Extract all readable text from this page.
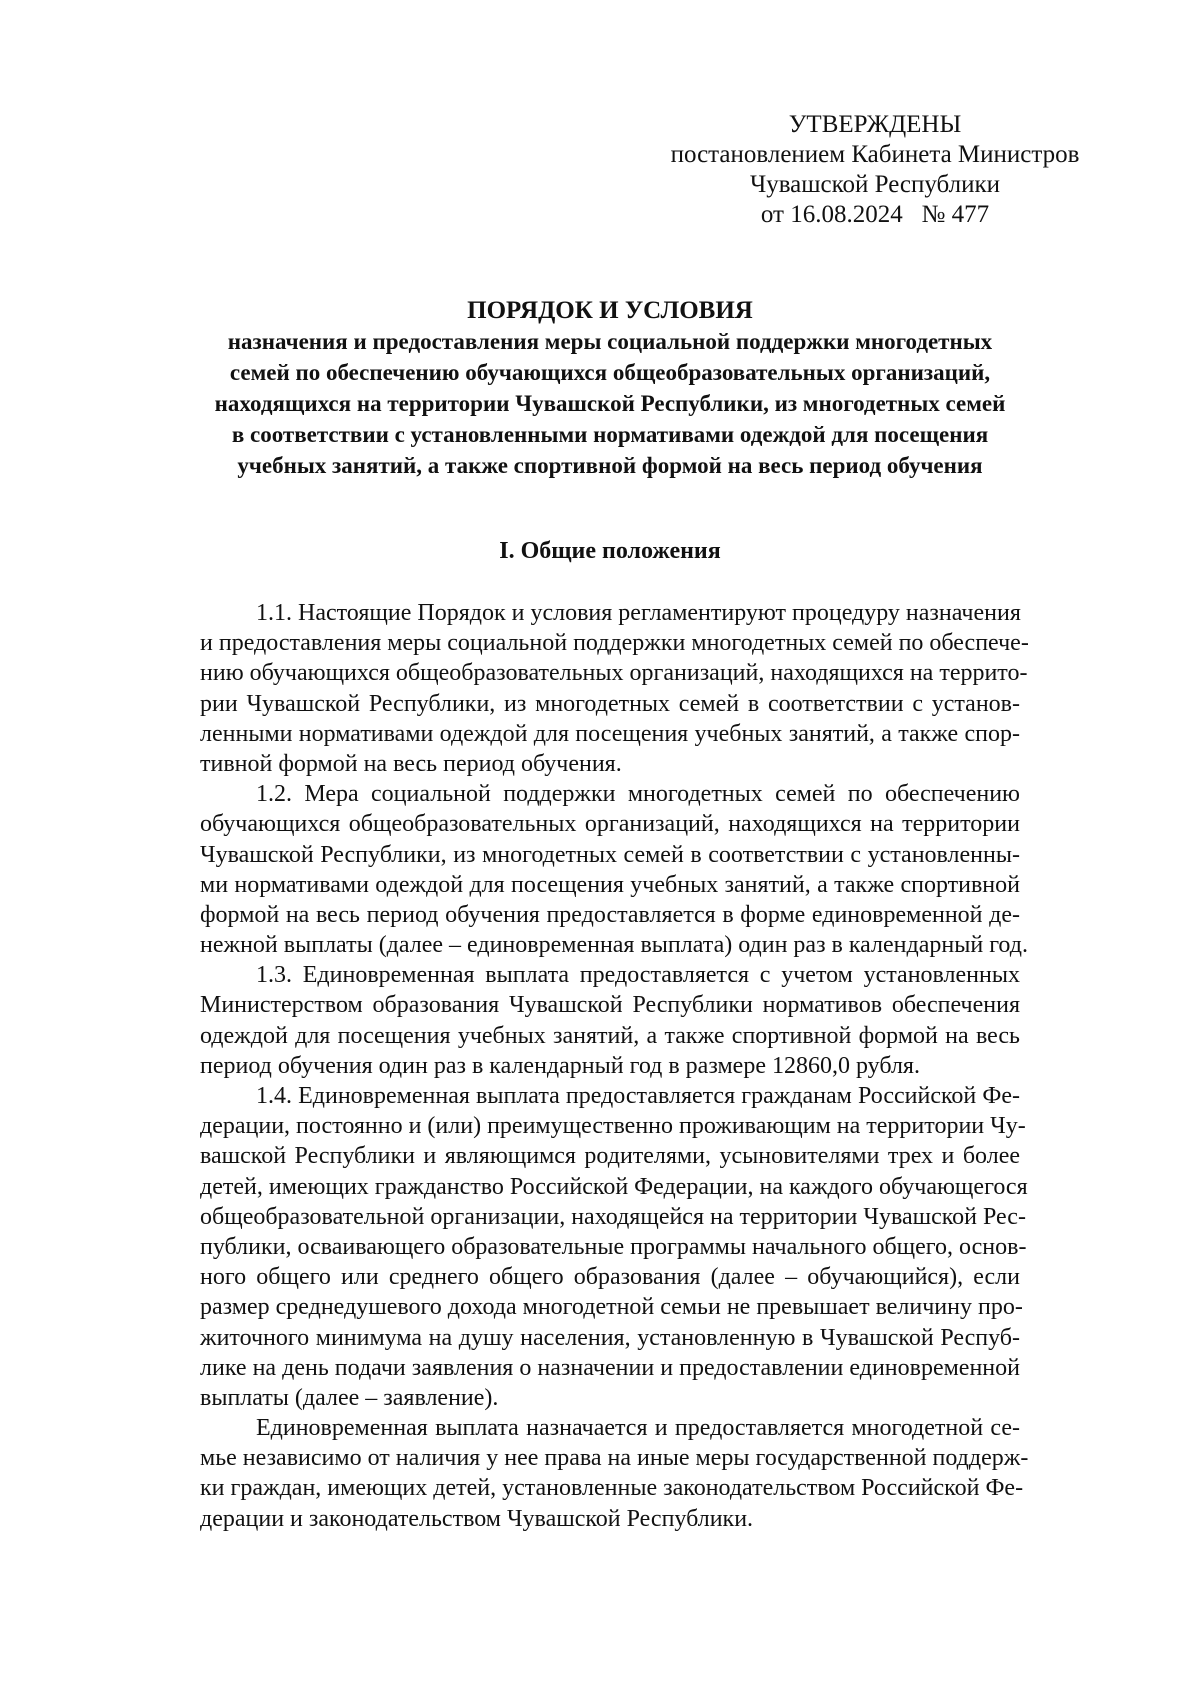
УТВЕРЖДЕНЫ
постановлением Кабинета Министров
Чувашской Республики
от 16.08.2024   № 477
ПОРЯДОК И УСЛОВИЯ
назначения и предоставления меры социальной поддержки многодетных
семей по обеспечению обучающихся общеобразовательных организаций,
находящихся на территории Чувашской Республики, из многодетных семей
в соответствии с установленными нормативами одеждой для посещения
учебных занятий, а также спортивной формой на весь период обучения
I. Общие положения
1.1. Настоящие Порядок и условия регламентируют процедуру назначения
и предоставления меры социальной поддержки многодетных семей по обеспече-
нию обучающихся общеобразовательных организаций, находящихся на террито-
рии Чувашской Республики, из многодетных семей в соответствии с установ-
ленными нормативами одеждой для посещения учебных занятий, а также спор-
тивной формой на весь период обучения.
1.2. Мера социальной поддержки многодетных семей по обеспечению
обучающихся общеобразовательных организаций, находящихся на территории
Чувашской Республики, из многодетных семей в соответствии с установленны-
ми нормативами одеждой для посещения учебных занятий, а также спортивной
формой на весь период обучения предоставляется в форме единовременной де-
нежной выплаты (далее – единовременная выплата) один раз в календарный год.
1.3. Единовременная выплата предоставляется с учетом установленных
Министерством образования Чувашской Республики нормативов обеспечения
одеждой для посещения учебных занятий, а также спортивной формой на весь
период обучения один раз в календарный год в размере 12860,0 рубля.
1.4. Единовременная выплата предоставляется гражданам Российской Фе-
дерации, постоянно и (или) преимущественно проживающим на территории Чу-
вашской Республики и являющимся родителями, усыновителями трех и более
детей, имеющих гражданство Российской Федерации, на каждого обучающегося
общеобразовательной организации, находящейся на территории Чувашской Рес-
публики, осваивающего образовательные программы начального общего, основ-
ного общего или среднего общего образования (далее – обучающийся), если
размер среднедушевого дохода многодетной семьи не превышает величину про-
житочного минимума на душу населения, установленную в Чувашской Респуб-
лике на день подачи заявления о назначении и предоставлении единовременной
выплаты (далее – заявление).
Единовременная выплата назначается и предоставляется многодетной се-
мье независимо от наличия у нее права на иные меры государственной поддерж-
ки граждан, имеющих детей, установленные законодательством Российской Фе-
дерации и законодательством Чувашской Республики.
